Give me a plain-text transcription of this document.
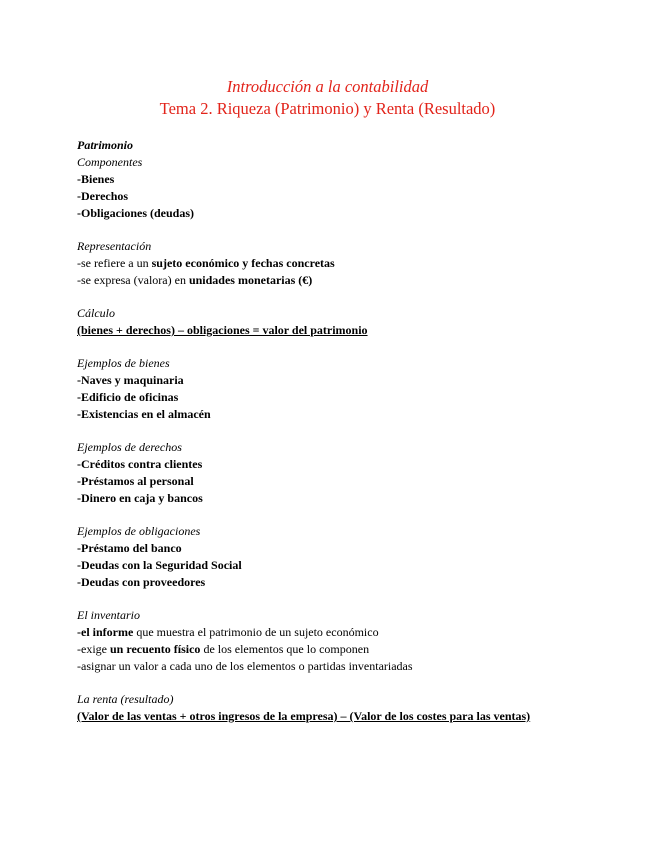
Introducción a la contabilidad

Tema 2. Riqueza (Patrimonio) y Renta (Resultado)

Patrimonio

Componentes

-Bienes

-Derechos

-Obligaciones (deudas)

Representación

-se refiere a un sujeto económico y fechas concretas

-se expresa (valora) en unidades monetarias (€)

Cálculo

(bienes + derechos) – obligaciones = valor del patrimonio

Ejemplos de bienes

-Naves y maquinaria

-Edificio de oficinas

-Existencias en el almacén

Ejemplos de derechos

-Créditos contra clientes

-Préstamos al personal

-Dinero en caja y bancos

Ejemplos de obligaciones

-Préstamo del banco

-Deudas con la Seguridad Social

-Deudas con proveedores

El inventario

-el informe que muestra el patrimonio de un sujeto económico

-exige un recuento físico de los elementos que lo componen

-asignar un valor a cada uno de los elementos o partidas inventariadas

La renta (resultado)

(Valor de las ventas + otros ingresos de la empresa) – (Valor de los costes para las ventas)
